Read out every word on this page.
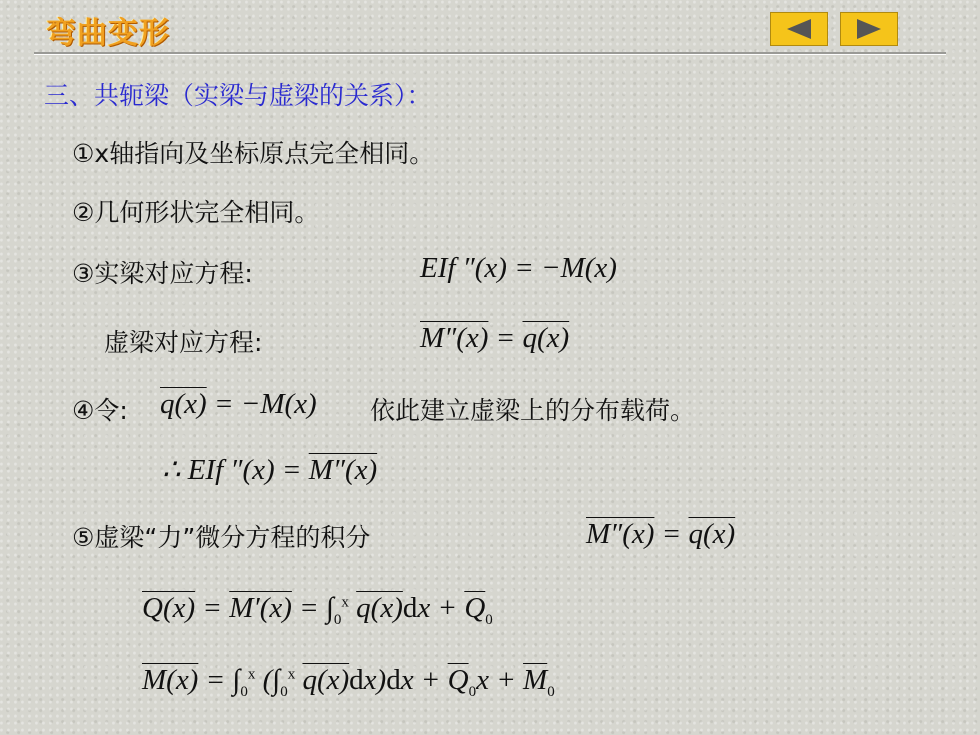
弯曲变形
三、共轭梁（实梁与虚梁的关系）：
①x轴指向及坐标原点完全相同。
②几何形状完全相同。
③实梁对应方程:	EIf ″(x) = −M(x)
虚梁对应方程:	M″(x) = q(x)
④令: q(x) = −M(x) 依此建立虚梁上的分布载荷。
∴ EIf ″(x) = M″(x)
⑤虚梁“力”微分方程的积分	M″(x) = q(x)
$Q(x) = M'(x) = \int_0^x$ $q(x)dx + \overline{Q}_0$
$M(x) = \int_0^x$ ($\int_0^x$ $q(x)dx)dx + \overline{Q}_0x + \overline{M}_0$
